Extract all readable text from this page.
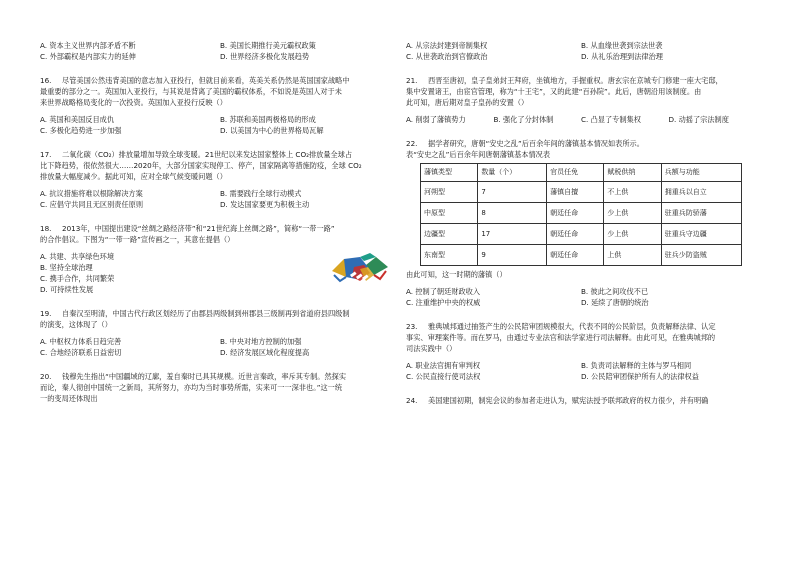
A. 资本主义世界内部矛盾不断	B. 美国长期推行美元霸权政策
C. 外部霸权是内部实力的延伸	D. 世界经济多极化发展趋势
16. 尽管美国公然违背美国的意志加入亚投行，但就目前来看，英美关系仍然是英国国家战略中
最重要的部分之一。英国加入亚投行，与其说是背离了美国的霸权体系，不如说是英国人对于未
来世界战略格局变化的一次投资。英国加入亚投行反映（）
A. 英国和美国反目成仇	B. 苏联和美国两极格局的形成
C. 多极化趋势进一步加强	D. 以美国为中心的世界格局瓦解
17. 二氧化碳（CO₂）排放量增加导致全球变暖。21世纪以来发达国家整体上 CO₂排放量全球占
比下降趋势，很依然很大……2020年，大部分国家实现停工、停产，国家隔离等措施防疫，全球 CO₂
排放量大幅度减少。据此可知，应对全球气候变暖问题（）
A. 抗议措施将难以根除解决方案	B. 需要践行全球行动模式
C. 应倡守共同且无区别责任原则	D. 发达国家要更为积极主动
18. 2013年，中国提出建设“丝绸之路经济带”和“21世纪海上丝绸之路”，简称“一带一路”
的合作倡议。下图为“一带一路”宣传画之一，其意在提倡（）
A. 共建、共享绿色环境
B. 坚持全球治理
C. 携手合作，共同繁荣
D. 可持续性发展
19. 自秦汉至明清，中国古代行政区划经历了由郡县两级制到州郡县三级制再到省道府县四级制
的演变，这体现了（）
A. 中枢权力体系日趋完善	B. 中央对地方控制的加强
C. 合地经济联系日益密切	D. 经济发展区域化程度提高
20. 钱穆先生指出“中国疆域的辽廓，羞自秦时已具其规模。近世言秦政，率斥其专制。然探实
而论，秦人彻创中国统一之新局，其所努力，亦均为当时事势所需，实来可一一深非也。”这一统
一的变局还体现出
A. 从宗法封建到帝制集权	B. 从血缘世袭到宗法世袭
C. 从世袭政治到官僚政治	D. 从礼乐治理到法律治理
21. 西晋至唐初，皇子皇弟封王拜府，坐镇地方，手握重权。唐玄宗在京城专门修建一座大宅邸，
集中安置诸王，由宦官管理，称为“十王宅”，又的此建“百孙院”。此后，唐朝沿用该制度。由
此可知，唐后期对皇子皇孙的安置（）
A. 削弱了藩镇势力	B. 强化了分封体制	C. 凸显了专制集权	D. 动摇了宗法制度
22. 据学者研究，唐朝“安史之乱”后百余年间的藩镇基本情况如表所示。
表“安史之乱”后百余年间唐朝藩镇基本情况表
藩镇类型	数量（个）	官员任免	赋税供纳	兵额与功能
河朔型	7	藩镇自擅	不上供	拥重兵以自立
中原型	8	朝廷任命	少上供	驻重兵防骄藩
边疆型	17	朝廷任命	少上供	驻重兵守边疆
东南型	9	朝廷任命	上供	驻兵少防盗贼
由此可知，这一时期的藩镇（）
A. 控制了朝廷财政收入	B. 彼此之间攻伐不已
C. 注重维护中央的权威	D. 延续了唐朝的统治
23. 雅典城邦通过抽签产生的公民陪审团规模很大，代表不同的公民阶层，负责解释法律、认定
事实、审理案件等。而在罗马，由通过专业法官和法学家进行司法解释。由此可见，在雅典城邦的
司法实践中（）
A. 职业法官拥有审判权	B. 负责司法解释的主体与罗马相同
C. 公民直接行使司法权	D. 公民陪审团保护所有人的法律权益
24. 美国建国初期，制宪会议的参加者走进认为，赋宪法授予联邦政府的权力很少，并有明确
